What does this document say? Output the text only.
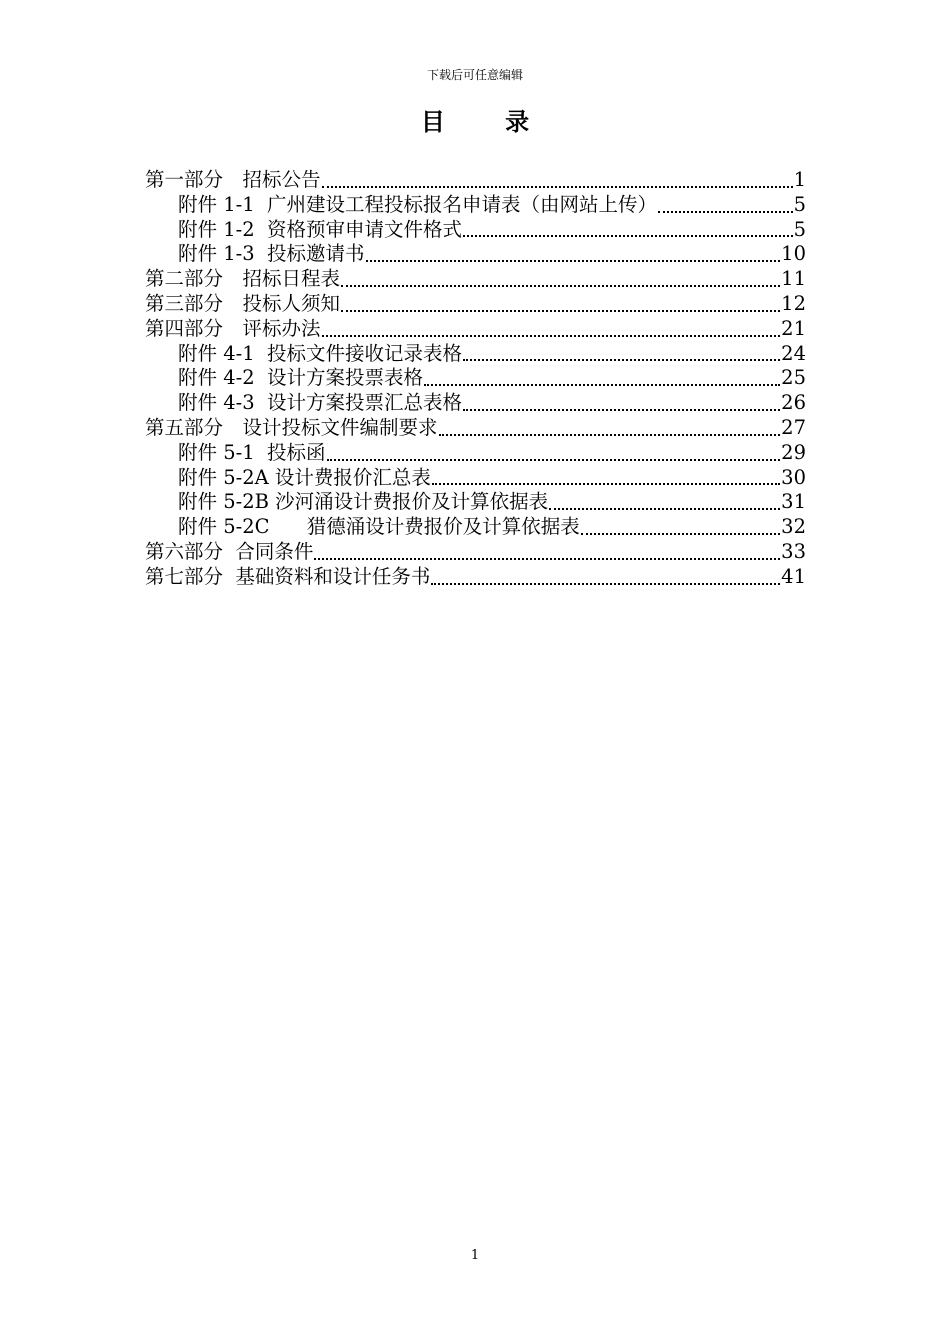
下载后可任意编辑
目 录
第一部分　招标公告	1
附件 1-1  广州建设工程投标报名申请表（由网站上传）	5
附件 1-2  资格预审申请文件格式	5
附件 1-3  投标邀请书	10
第二部分　招标日程表	11
第三部分　投标人须知	12
第四部分　评标办法	21
附件 4-1  投标文件接收记录表格	24
附件 4-2  设计方案投票表格	25
附件 4-3  设计方案投票汇总表格	26
第五部分　设计投标文件编制要求	27
附件 5-1  投标函	29
附件 5-2A 设计费报价汇总表	30
附件 5-2B 沙河涌设计费报价及计算依据表	31
附件 5-2C      猎德涌设计费报价及计算依据表	32
第六部分  合同条件	33
第七部分  基础资料和设计任务书	41
1
